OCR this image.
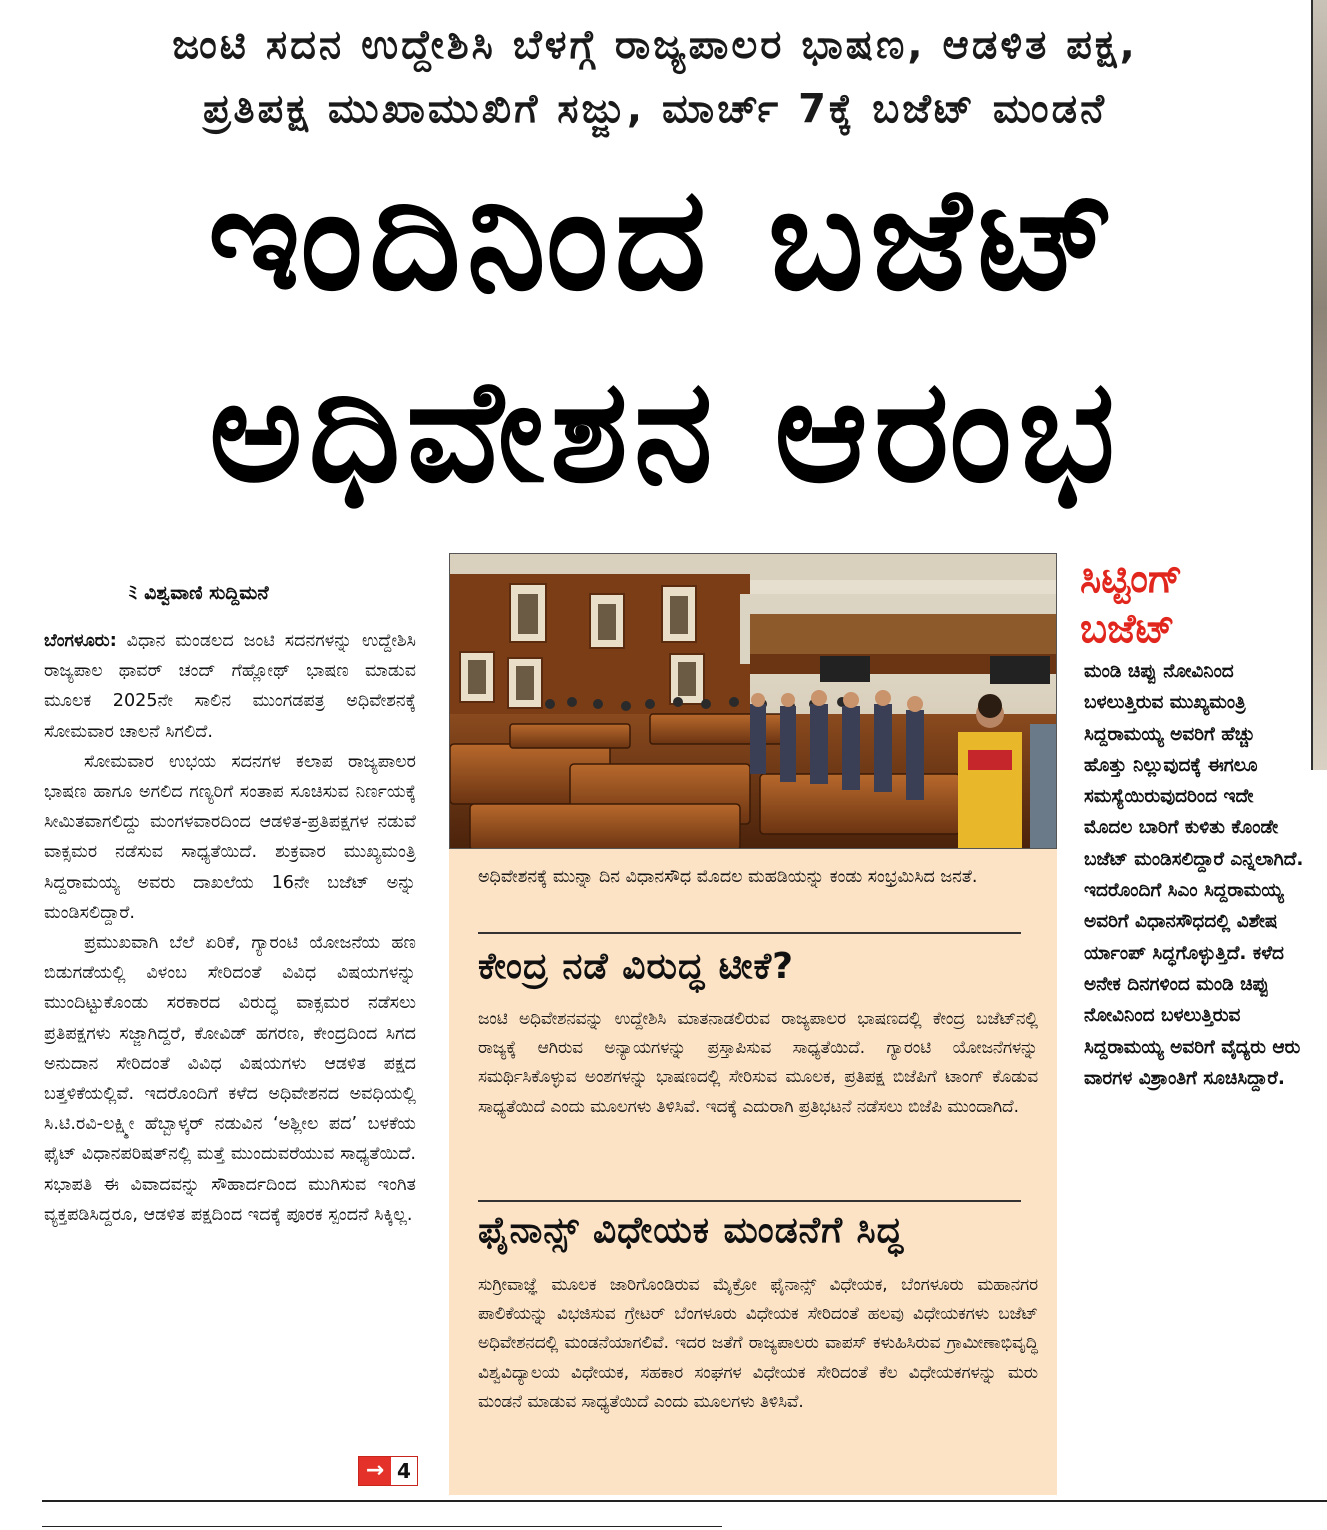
ಜಂಟಿ ಸದನ ಉದ್ದೇಶಿಸಿ ಬೆಳಗ್ಗೆ ರಾಜ್ಯಪಾಲರ ಭಾಷಣ, ಆಡಳಿತ ಪಕ್ಷ,
ಪ್ರತಿಪಕ್ಷ ಮುಖಾಮುಖಿಗೆ ಸಜ್ಜು, ಮಾರ್ಚ್ 7ಕ್ಕೆ ಬಜೆಟ್ ಮಂಡನೆ
ಇಂದಿನಿಂದ ಬಜೆಟ್
ಅಧಿವೇಶನ ಆರಂಭ
ﾐ ವಿಶ್ವವಾಣಿ ಸುದ್ದಿಮನೆ

ಬೆಂಗಳೂರು: ವಿಧಾನ ಮಂಡಲದ ಜಂಟಿ ಸದನಗಳನ್ನು ಉದ್ದೇಶಿಸಿ ರಾಜ್ಯಪಾಲ ಥಾವರ್ ಚಂದ್ ಗೆಹ್ಲೋಥ್ ಭಾಷಣ ಮಾಡುವ ಮೂಲಕ 2025ನೇ ಸಾಲಿನ ಮುಂಗಡಪತ್ರ ಅಧಿವೇಶನಕ್ಕೆ ಸೋಮವಾರ ಚಾಲನೆ ಸಿಗಲಿದೆ.

ಸೋಮವಾರ ಉಭಯ ಸದನಗಳ ಕಲಾಪ ರಾಜ್ಯಪಾಲರ ಭಾಷಣ ಹಾಗೂ ಅಗಲಿದ ಗಣ್ಯರಿಗೆ ಸಂತಾಪ ಸೂಚಿಸುವ ನಿರ್ಣಯಕ್ಕೆ ಸೀಮಿತವಾಗಲಿದ್ದು ಮಂಗಳವಾರದಿಂದ ಆಡಳಿತ-ಪ್ರತಿಪಕ್ಷಗಳ ನಡುವೆ ವಾಕ್ಸಮರ ನಡೆಸುವ ಸಾಧ್ಯತೆಯಿದೆ. ಶುಕ್ರವಾರ ಮುಖ್ಯಮಂತ್ರಿ ಸಿದ್ದರಾಮಯ್ಯ ಅವರು ದಾಖಲೆಯ 16ನೇ ಬಜೆಟ್ ಅನ್ನು ಮಂಡಿಸಲಿದ್ದಾರೆ.

ಪ್ರಮುಖವಾಗಿ ಬೆಲೆ ಏರಿಕೆ, ಗ್ಯಾರಂಟಿ ಯೋಜನೆಯ ಹಣ ಬಿಡುಗಡೆಯಲ್ಲಿ ವಿಳಂಬ ಸೇರಿದಂತೆ ವಿವಿಧ ವಿಷಯಗಳನ್ನು ಮುಂದಿಟ್ಟುಕೊಂಡು ಸರಕಾರದ ವಿರುದ್ಧ ವಾಕ್ಸಮರ ನಡೆಸಲು ಪ್ರತಿಪಕ್ಷಗಳು ಸಜ್ಜಾಗಿದ್ದರೆ, ಕೋವಿಡ್ ಹಗರಣ, ಕೇಂದ್ರದಿಂದ ಸಿಗದ ಅನುದಾನ ಸೇರಿದಂತೆ ವಿವಿಧ ವಿಷಯಗಳು ಆಡಳಿತ ಪಕ್ಷದ ಬತ್ತಳಿಕೆಯಲ್ಲಿವೆ. ಇದರೊಂದಿಗೆ ಕಳೆದ ಅಧಿವೇಶನದ ಅವಧಿಯಲ್ಲಿ ಸಿ.ಟಿ.ರವಿ-ಲಕ್ಷ್ಮೀ ಹೆಬ್ಬಾಳ್ಕರ್ ನಡುವಿನ ‘ಅಶ್ಲೀಲ ಪದ’ ಬಳಕೆಯ ಫೈಟ್ ವಿಧಾನಪರಿಷತ್‌ನಲ್ಲಿ ಮತ್ತೆ ಮುಂದುವರೆಯುವ ಸಾಧ್ಯತೆಯಿದೆ. ಸಭಾಪತಿ ಈ ವಿವಾದವನ್ನು ಸೌಹಾರ್ದದಿಂದ ಮುಗಿಸುವ ಇಂಗಿತ ವ್ಯಕ್ತಪಡಿಸಿದ್ದರೂ, ಆಡಳಿತ ಪಕ್ಷದಿಂದ ಇದಕ್ಕೆ ಪೂರಕ ಸ್ಪಂದನೆ ಸಿಕ್ಕಿಲ್ಲ.

→ 4
ಅಧಿವೇಶನಕ್ಕೆ ಮುನ್ನಾ ದಿನ ವಿಧಾನಸೌಧ ಮೊದಲ ಮಹಡಿಯನ್ನು ಕಂಡು ಸಂಭ್ರಮಿಸಿದ ಜನತೆ.
ಕೇಂದ್ರ ನಡೆ ವಿರುದ್ಧ ಟೀಕೆ?
ಜಂಟಿ ಅಧಿವೇಶನವನ್ನು ಉದ್ದೇಶಿಸಿ ಮಾತನಾಡಲಿರುವ ರಾಜ್ಯಪಾಲರ ಭಾಷಣದಲ್ಲಿ ಕೇಂದ್ರ ಬಜೆಟ್‌ನಲ್ಲಿ ರಾಜ್ಯಕ್ಕೆ ಆಗಿರುವ ಅನ್ಯಾಯಗಳನ್ನು ಪ್ರಸ್ತಾಪಿಸುವ ಸಾಧ್ಯತೆಯಿದೆ. ಗ್ಯಾರಂಟಿ ಯೋಜನೆಗಳನ್ನು ಸಮರ್ಥಿಸಿಕೊಳ್ಳುವ ಅಂಶಗಳನ್ನು ಭಾಷಣದಲ್ಲಿ ಸೇರಿಸುವ ಮೂಲಕ, ಪ್ರತಿಪಕ್ಷ ಬಿಜೆಪಿಗೆ ಟಾಂಗ್ ಕೊಡುವ ಸಾಧ್ಯತೆಯಿದೆ ಎಂದು ಮೂಲಗಳು ತಿಳಿಸಿವೆ. ಇದಕ್ಕೆ ಎದುರಾಗಿ ಪ್ರತಿಭಟನೆ ನಡೆಸಲು ಬಿಜೆಪಿ ಮುಂದಾಗಿದೆ.
ಫೈನಾನ್ಸ್ ವಿಧೇಯಕ ಮಂಡನೆಗೆ ಸಿದ್ಧ
ಸುಗ್ರೀವಾಜ್ಞೆ ಮೂಲಕ ಜಾರಿಗೊಂಡಿರುವ ಮೈಕ್ರೋ ಫೈನಾನ್ಸ್ ವಿಧೇಯಕ, ಬೆಂಗಳೂರು ಮಹಾನಗರ ಪಾಲಿಕೆಯನ್ನು ವಿಭಜಿಸುವ ಗ್ರೇಟರ್ ಬೆಂಗಳೂರು ವಿಧೇಯಕ ಸೇರಿದಂತೆ ಹಲವು ವಿಧೇಯಕಗಳು ಬಜೆಟ್ ಅಧಿವೇಶನದಲ್ಲಿ ಮಂಡನೆಯಾಗಲಿವೆ. ಇದರ ಜತೆಗೆ ರಾಜ್ಯಪಾಲರು ವಾಪಸ್ ಕಳುಹಿಸಿರುವ ಗ್ರಾಮೀಣಾಭಿವೃದ್ಧಿ ವಿಶ್ವವಿದ್ಯಾಲಯ ವಿಧೇಯಕ, ಸಹಕಾರ ಸಂಘಗಳ ವಿಧೇಯಕ ಸೇರಿದಂತೆ ಕೆಲ ವಿಧೇಯಕಗಳನ್ನು ಮರು ಮಂಡನೆ ಮಾಡುವ ಸಾಧ್ಯತೆಯಿದೆ ಎಂದು ಮೂಲಗಳು ತಿಳಿಸಿವೆ.
ಸಿಟ್ಟಿಂಗ್
ಬಜೆಟ್
ಮಂಡಿ ಚಿಪ್ಪು ನೋವಿನಿಂದ ಬಳಲುತ್ತಿರುವ ಮುಖ್ಯಮಂತ್ರಿ ಸಿದ್ದರಾಮಯ್ಯ ಅವರಿಗೆ ಹೆಚ್ಚು ಹೊತ್ತು ನಿಲ್ಲುವುದಕ್ಕೆ ಈಗಲೂ ಸಮಸ್ಯೆಯಿರುವುದರಿಂದ ಇದೇ ಮೊದಲ ಬಾರಿಗೆ ಕುಳಿತು ಕೊಂಡೇ ಬಜೆಟ್ ಮಂಡಿಸಲಿದ್ದಾರೆ ಎನ್ನಲಾಗಿದೆ. ಇದರೊಂದಿಗೆ ಸಿಎಂ ಸಿದ್ದರಾಮಯ್ಯ ಅವರಿಗೆ ವಿಧಾನಸೌಧದಲ್ಲಿ ವಿಶೇಷ ರ್ಯಾಂಪ್ ಸಿದ್ಧಗೊಳ್ಳುತ್ತಿದೆ. ಕಳೆದ ಅನೇಕ ದಿನಗಳಿಂದ ಮಂಡಿ ಚಿಪ್ಪು ನೋವಿನಿಂದ ಬಳಲುತ್ತಿರುವ ಸಿದ್ದರಾಮಯ್ಯ ಅವರಿಗೆ ವೈದ್ಯರು ಆರು ವಾರಗಳ ವಿಶ್ರಾಂತಿಗೆ ಸೂಚಿಸಿದ್ದಾರೆ.
